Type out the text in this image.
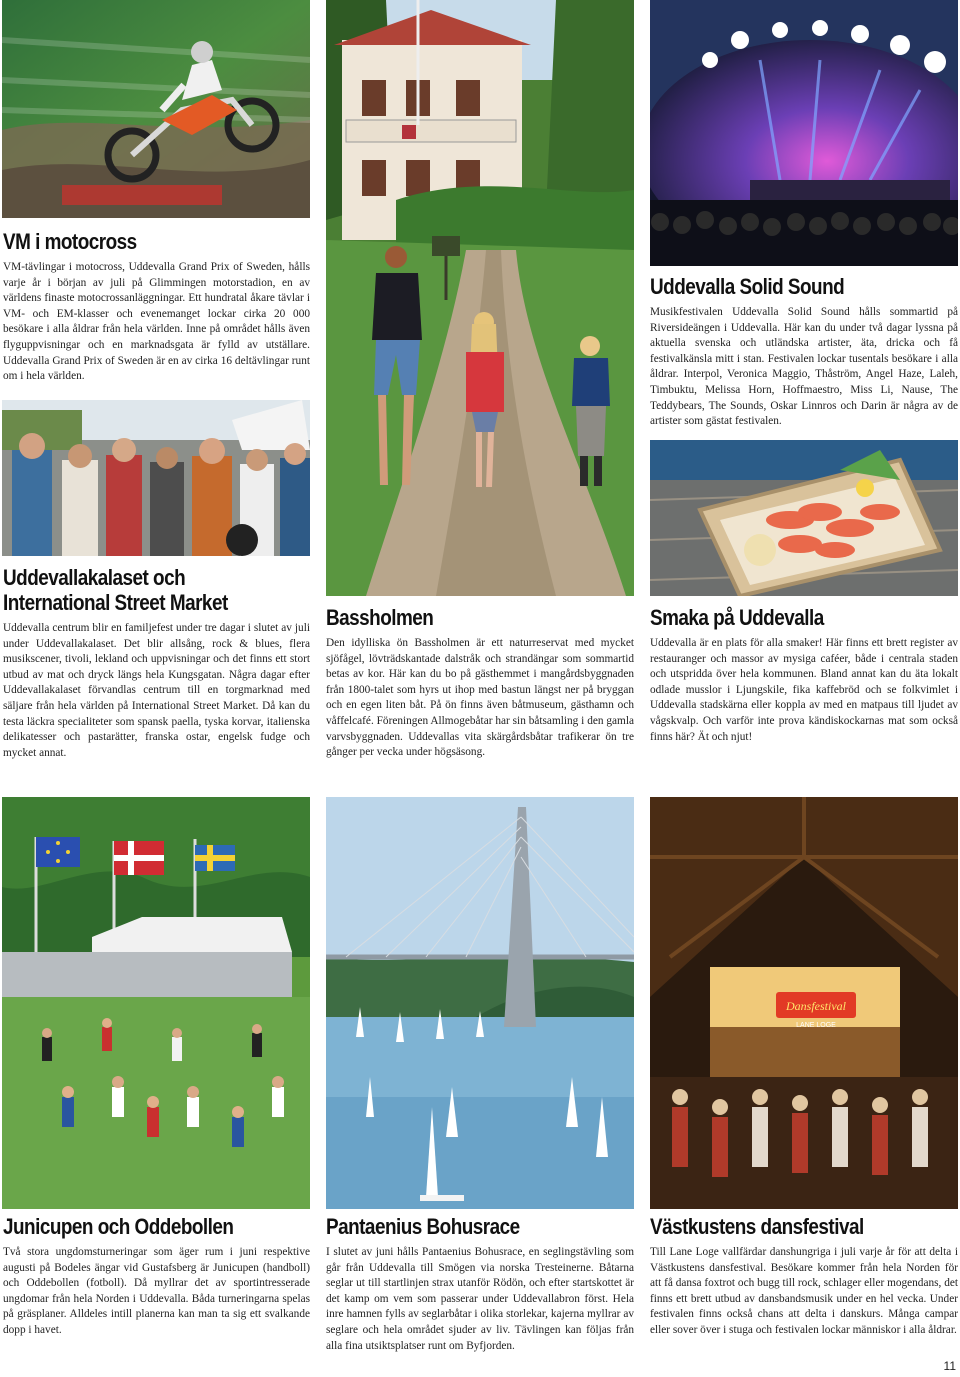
VM i motocross

VM-tävlingar i motocross, Uddevalla Grand Prix of Sweden, hålls varje år i början av juli på Glimmingen motorstadion, en av världens finaste motocrossanläggningar. Ett hundratal åkare tävlar i VM- och EM-klasser och evenemanget lockar cirka 20 000 besökare i alla åldrar från hela världen. Inne på området hålls även flyguppvisningar och en marknadsgata är fylld av utställare. Uddevalla Grand Prix of Sweden är en av cirka 16 deltävlingar runt om i hela världen.

Uddevalla Solid Sound

Musikfestivalen Uddevalla Solid Sound hålls sommartid på Riversideängen i Uddevalla. Här kan du under två dagar lyssna på aktuella svenska och utländska artister, äta, dricka och få festivalkänsla mitt i stan. Festivalen lockar tusentals besökare i alla åldrar. Interpol, Veronica Maggio, Thåström, Angel Haze, Laleh, Timbuktu, Melissa Horn, Hoffmaestro, Miss Li, Nause, The Teddybears, The Sounds, Oskar Linnros och Darin är några av de artister som gästat festivalen.

Uddevallakalaset och
International Street Market

Uddevalla centrum blir en familjefest under tre dagar i slutet av juli under Uddevallakalaset. Det blir allsång, rock & blues, flera musikscener, tivoli, lekland och uppvisningar och det finns ett stort utbud av mat och dryck längs hela Kungsgatan. Några dagar efter Uddevallakalaset förvandlas centrum till en torgmarknad med säljare från hela världen på International Street Market. Då kan du testa läckra specialiteter som spansk paella, tyska korvar, italienska delikatesser och pastarätter, franska ostar, engelsk fudge och mycket annat.

Bassholmen

Den idylliska ön Bassholmen är ett naturreservat med mycket sjöfågel, lövträdskantade dalstråk och strandängar som sommartid betas av kor. Här kan du bo på gästhemmet i mangårdsbyggnaden från 1800-talet som hyrs ut ihop med bastun längst ner på bryggan och en egen liten båt. På ön finns även båtmuseum, gästhamn och våffelcafé. Föreningen Allmogebåtar har sin båtsamling i den gamla varvsbyggnaden. Uddevallas vita skärgårdsbåtar trafikerar ön tre gånger per vecka under högsäsong.

Smaka på Uddevalla

Uddevalla är en plats för alla smaker! Här finns ett brett register av restauranger och massor av mysiga caféer, både i centrala staden och utspridda över hela kommunen. Bland annat kan du äta lokalt odlade musslor i Ljungskile, fika kaffebröd och se folkvimlet i Uddevalla stadskärna eller koppla av med en matpaus till ljudet av vågskvalp. Och varför inte prova kändiskockarnas mat som också finns här? Ät och njut!

Dansfestival
LANE LOGE
Junicupen och Oddebollen

Två stora ungdomsturneringar som äger rum i juni respektive augusti på Bodeles ängar vid Gustafsberg är Junicupen (handboll) och Oddebollen (fotboll). Då myllrar det av sportintresserade ungdomar från hela Norden i Uddevalla. Båda turneringarna spelas på gräsplaner. Alldeles intill planerna kan man ta sig ett svalkande dopp i havet.

Pantaenius Bohusrace

I slutet av juni hålls Pantaenius Bohusrace, en seglingstävling som går från Uddevalla till Smögen via norska Tresteinerne. Båtarna seglar ut till startlinjen strax utanför Rödön, och efter startskottet är det kamp om vem som passerar under Uddevallabron först. Hela inre hamnen fylls av seglarbåtar i olika storlekar, kajerna myllrar av seglare och hela området sjuder av liv. Tävlingen kan följas från alla fina utsiktsplatser runt om Byfjorden.

Västkustens dansfestival

Till Lane Loge vallfärdar danshungriga i juli varje år för att delta i Västkustens dansfestival. Besökare kommer från hela Norden för att få dansa foxtrot och bugg till rock, schlager eller mogendans, det finns ett brett utbud av dansbandsmusik under en hel vecka. Under festivalen finns också chans att delta i danskurs. Många campar eller sover över i stuga och festivalen lockar människor i alla åldrar.

11
